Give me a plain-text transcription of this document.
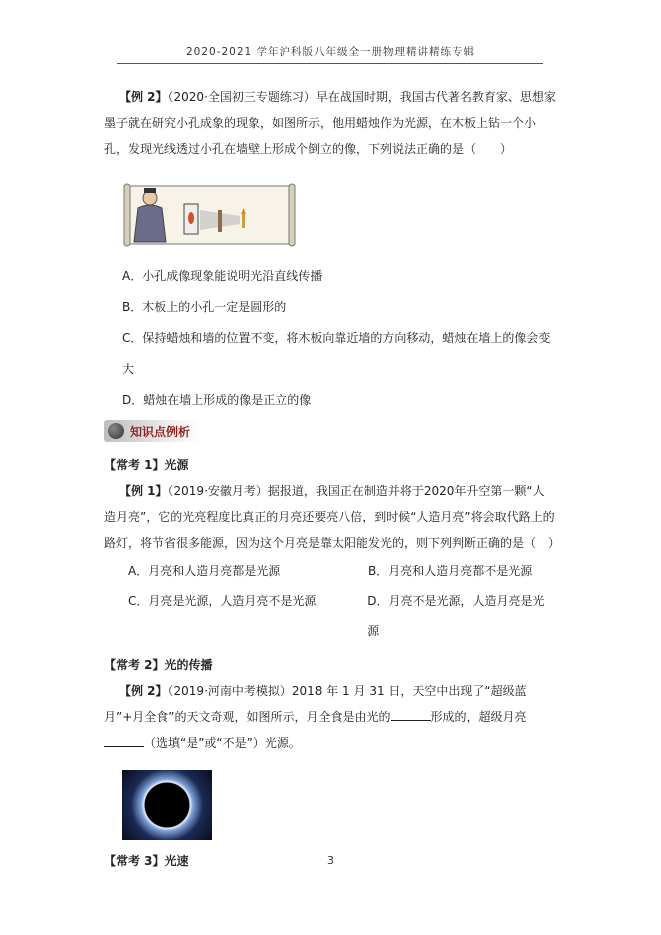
2020-2021 学年沪科版八年级全一册物理精讲精练专辑

【例 2】（2020·全国初三专题练习）早在战国时期，我国古代著名教育家、思想家墨子就在研究小孔成象的现象，如图所示，他用蜡烛作为光源，在木板上钻一个小孔，发现光线透过小孔在墙壁上形成个倒立的像，下列说法正确的是（　　）

A．小孔成像现象能说明光沿直线传播
B．木板上的小孔一定是圆形的
C．保持蜡烛和墙的位置不变，将木板向靠近墙的方向移动，蜡烛在墙上的像会变大
D．蜡烛在墙上形成的像是正立的像
知识点例析
【常考 1】光源

【例 1】（2019·安徽月考）据报道，我国正在制造并将于2020年升空第一颗“人造月亮”，它的光亮程度比真正的月亮还要亮八倍，到时候“人造月亮”将会取代路上的路灯，将节省很多能源，因为这个月亮是靠太阳能发光的，则下列判断正确的是（　）

A．月亮和人造月亮都是光源	B．月亮和人造月亮都不是光源
C．月亮是光源，人造月亮不是光源	D．月亮不是光源，人造月亮是光源
【常考 2】光的传播

【例 2】（2019·河南中考模拟）2018 年 1 月 31 日，天空中出现了“超级蓝月”+月全食”的天文奇观，如图所示，月全食是由光的	形成的，超级月亮（选填“是”或“不是”）光源。

【常考 3】光速	3
